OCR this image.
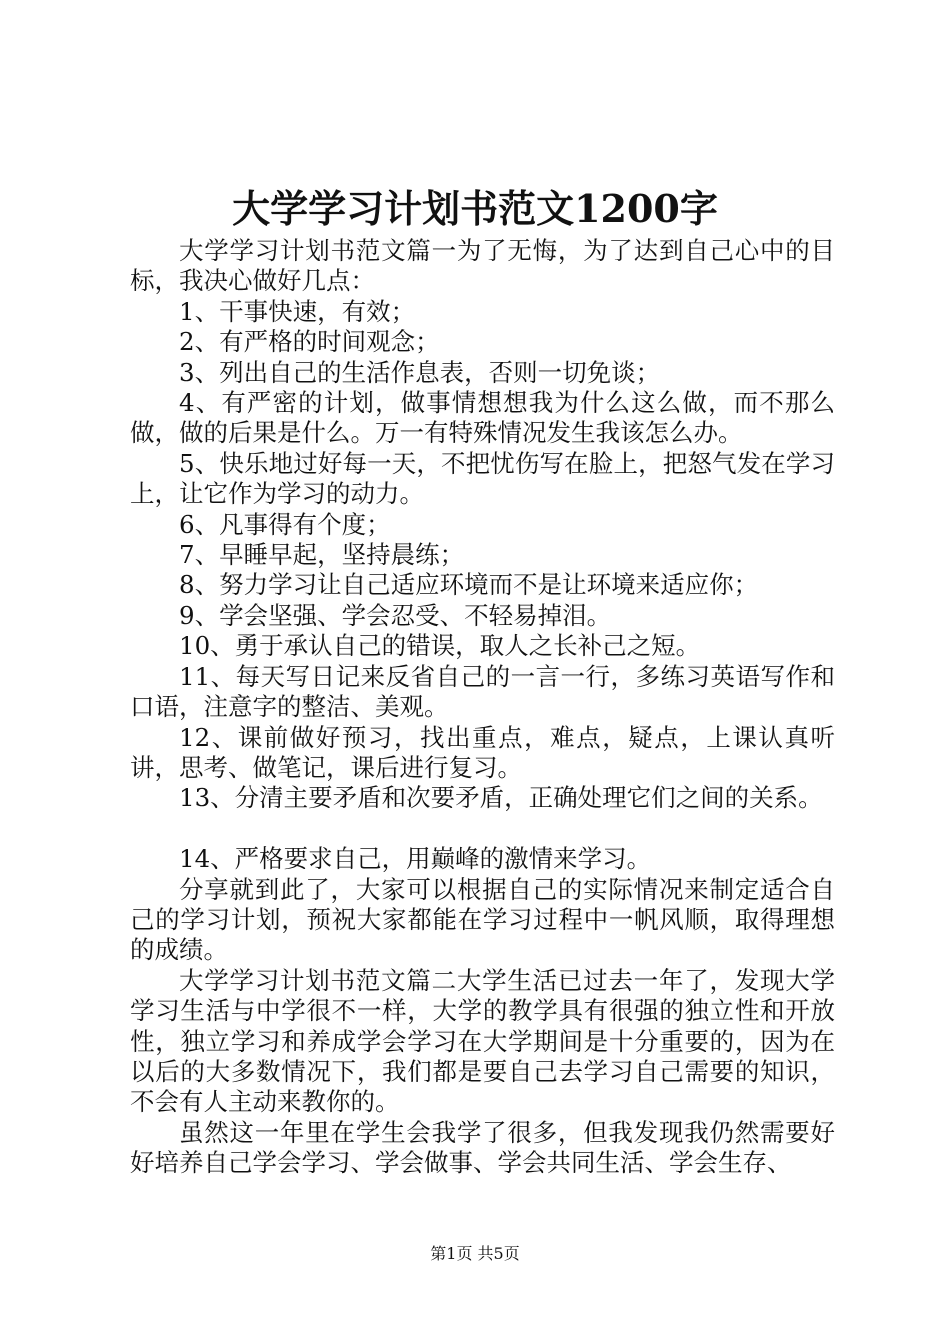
大学学习计划书范文1200字

大学学习计划书范文篇一为了无悔，为了达到自己心中的目标，我决心做好几点：

1、干事快速，有效；

2、有严格的时间观念；

3、列出自己的生活作息表，否则一切免谈；

4、有严密的计划，做事情想想我为什么这么做，而不那么做，做的后果是什么。万一有特殊情况发生我该怎么办。

5、快乐地过好每一天，不把忧伤写在脸上，把怒气发在学习上，让它作为学习的动力。

6、凡事得有个度；

7、早睡早起，坚持晨练；

8、努力学习让自己适应环境而不是让环境来适应你；

9、学会坚强、学会忍受、不轻易掉泪。

10、勇于承认自己的错误，取人之长补己之短。

11、每天写日记来反省自己的一言一行，多练习英语写作和口语，注意字的整洁、美观。

12、课前做好预习，找出重点，难点，疑点，上课认真听讲，思考、做笔记，课后进行复习。

13、分清主要矛盾和次要矛盾，正确处理它们之间的关系。

14、严格要求自己，用巅峰的激情来学习。

分享就到此了，大家可以根据自己的实际情况来制定适合自己的学习计划，预祝大家都能在学习过程中一帆风顺，取得理想的成绩。

大学学习计划书范文篇二大学生活已过去一年了，发现大学学习生活与中学很不一样，大学的教学具有很强的独立性和开放性，独立学习和养成学会学习在大学期间是十分重要的，因为在以后的大多数情况下，我们都是要自己去学习自己需要的知识，不会有人主动来教你的。

虽然这一年里在学生会我学了很多，但我发现我仍然需要好好培养自己学会学习、学会做事、学会共同生活、学会生存、

第1页 共5页
